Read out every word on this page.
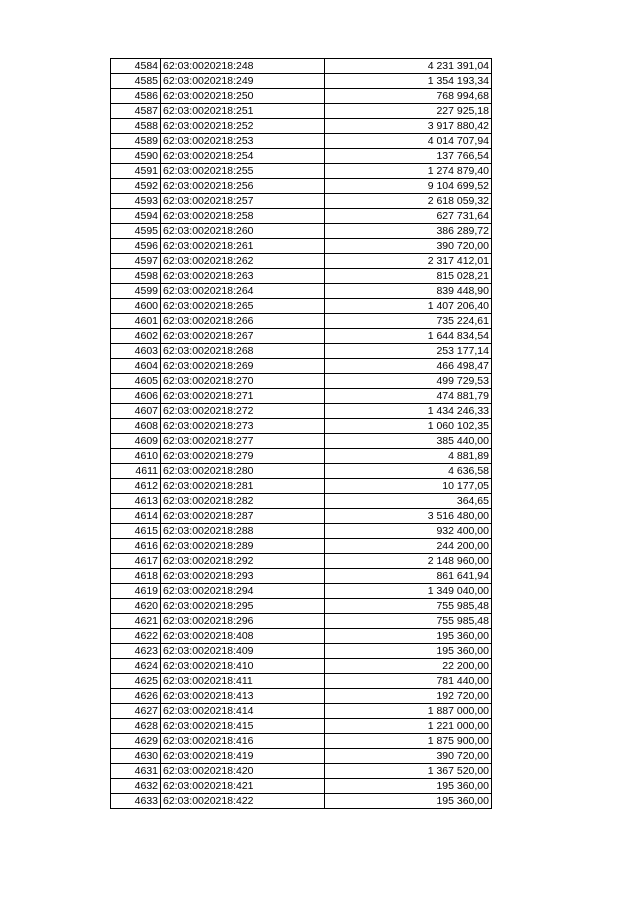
4584	62:03:0020218:248	4 231 391,04
4585	62:03:0020218:249	1 354 193,34
4586	62:03:0020218:250	768 994,68
4587	62:03:0020218:251	227 925,18
4588	62:03:0020218:252	3 917 880,42
4589	62:03:0020218:253	4 014 707,94
4590	62:03:0020218:254	137 766,54
4591	62:03:0020218:255	1 274 879,40
4592	62:03:0020218:256	9 104 699,52
4593	62:03:0020218:257	2 618 059,32
4594	62:03:0020218:258	627 731,64
4595	62:03:0020218:260	386 289,72
4596	62:03:0020218:261	390 720,00
4597	62:03:0020218:262	2 317 412,01
4598	62:03:0020218:263	815 028,21
4599	62:03:0020218:264	839 448,90
4600	62:03:0020218:265	1 407 206,40
4601	62:03:0020218:266	735 224,61
4602	62:03:0020218:267	1 644 834,54
4603	62:03:0020218:268	253 177,14
4604	62:03:0020218:269	466 498,47
4605	62:03:0020218:270	499 729,53
4606	62:03:0020218:271	474 881,79
4607	62:03:0020218:272	1 434 246,33
4608	62:03:0020218:273	1 060 102,35
4609	62:03:0020218:277	385 440,00
4610	62:03:0020218:279	4 881,89
4611	62:03:0020218:280	4 636,58
4612	62:03:0020218:281	10 177,05
4613	62:03:0020218:282	364,65
4614	62:03:0020218:287	3 516 480,00
4615	62:03:0020218:288	932 400,00
4616	62:03:0020218:289	244 200,00
4617	62:03:0020218:292	2 148 960,00
4618	62:03:0020218:293	861 641,94
4619	62:03:0020218:294	1 349 040,00
4620	62:03:0020218:295	755 985,48
4621	62:03:0020218:296	755 985,48
4622	62:03:0020218:408	195 360,00
4623	62:03:0020218:409	195 360,00
4624	62:03:0020218:410	22 200,00
4625	62:03:0020218:411	781 440,00
4626	62:03:0020218:413	192 720,00
4627	62:03:0020218:414	1 887 000,00
4628	62:03:0020218:415	1 221 000,00
4629	62:03:0020218:416	1 875 900,00
4630	62:03:0020218:419	390 720,00
4631	62:03:0020218:420	1 367 520,00
4632	62:03:0020218:421	195 360,00
4633	62:03:0020218:422	195 360,00
